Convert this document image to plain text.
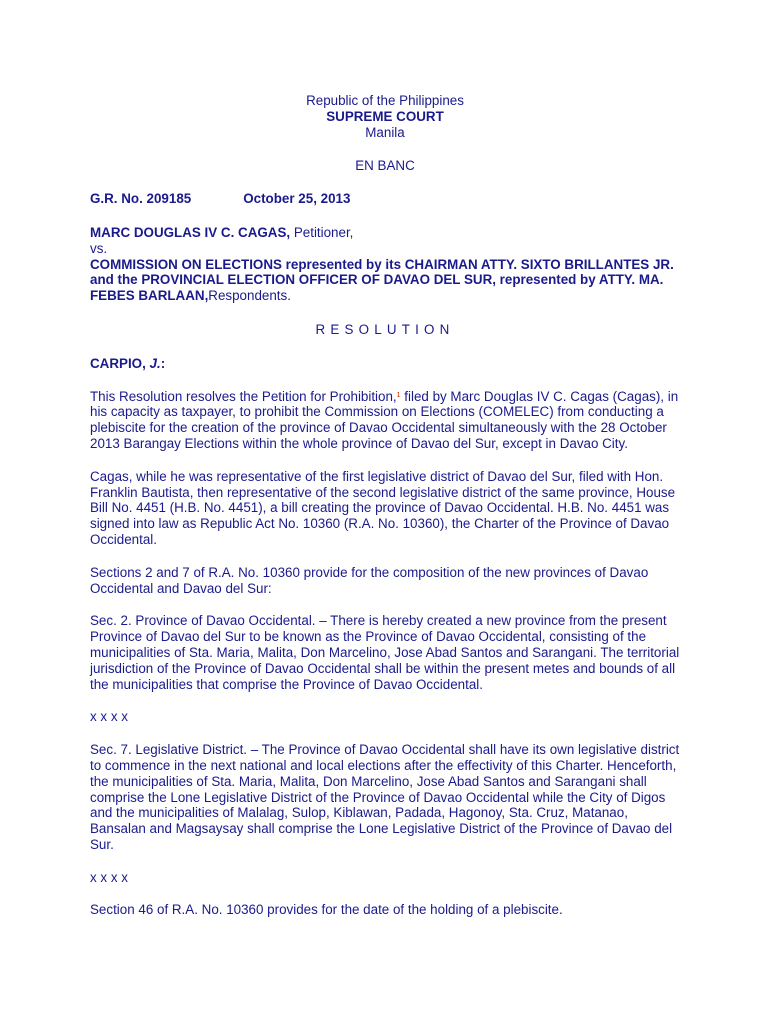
Republic of the Philippines
SUPREME COURT
Manila
EN BANC
G.R. No. 209185	October 25, 2013
MARC DOUGLAS IV C. CAGAS, Petitioner,
vs.
COMMISSION ON ELECTIONS represented by its CHAIRMAN ATTY. SIXTO BRILLANTES JR. and the PROVINCIAL ELECTION OFFICER OF DAVAO DEL SUR, represented by ATTY. MA. FEBES BARLAAN,Respondents.
RESOLUTION
CARPIO, J.:

This Resolution resolves the Petition for Prohibition,$^1$ filed by Marc Douglas IV C. Cagas (Cagas), in his capacity as taxpayer, to prohibit the Commission on Elections (COMELEC) from conducting a plebiscite for the creation of the province of Davao Occidental simultaneously with the 28 October 2013 Barangay Elections within the whole province of Davao del Sur, except in Davao City.

Cagas, while he was representative of the first legislative district of Davao del Sur, filed with Hon. Franklin Bautista, then representative of the second legislative district of the same province, House Bill No. 4451 (H.B. No. 4451), a bill creating the province of Davao Occidental. H.B. No. 4451 was signed into law as Republic Act No. 10360 (R.A. No. 10360), the Charter of the Province of Davao Occidental.

Sections 2 and 7 of R.A. No. 10360 provide for the composition of the new provinces of Davao Occidental and Davao del Sur:

Sec. 2. Province of Davao Occidental. – There is hereby created a new province from the present Province of Davao del Sur to be known as the Province of Davao Occidental, consisting of the municipalities of Sta. Maria, Malita, Don Marcelino, Jose Abad Santos and Sarangani. The territorial jurisdiction of the Province of Davao Occidental shall be within the present metes and bounds of all the municipalities that comprise the Province of Davao Occidental.

x x x x

Sec. 7. Legislative District. – The Province of Davao Occidental shall have its own legislative district to commence in the next national and local elections after the effectivity of this Charter. Henceforth, the municipalities of Sta. Maria, Malita, Don Marcelino, Jose Abad Santos and Sarangani shall comprise the Lone Legislative District of the Province of Davao Occidental while the City of Digos and the municipalities of Malalag, Sulop, Kiblawan, Padada, Hagonoy, Sta. Cruz, Matanao, Bansalan and Magsaysay shall comprise the Lone Legislative District of the Province of Davao del Sur.

x x x x

Section 46 of R.A. No. 10360 provides for the date of the holding of a plebiscite.
